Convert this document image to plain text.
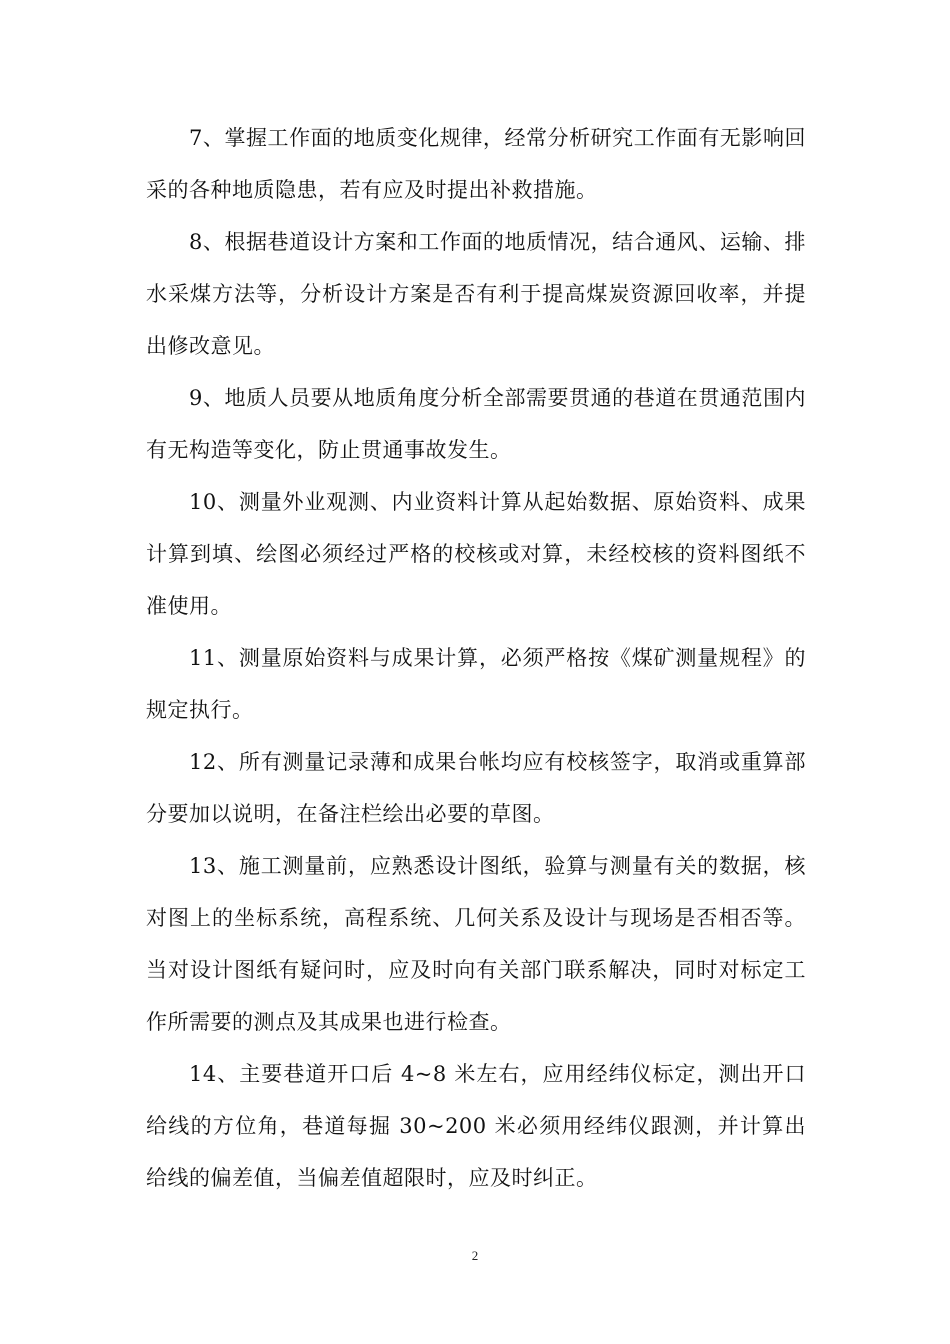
7、掌握工作面的地质变化规律，经常分析研究工作面有无影响回采的各种地质隐患，若有应及时提出补救措施。

8、根据巷道设计方案和工作面的地质情况，结合通风、运输、排水采煤方法等，分析设计方案是否有利于提高煤炭资源回收率，并提出修改意见。

9、地质人员要从地质角度分析全部需要贯通的巷道在贯通范围内有无构造等变化，防止贯通事故发生。

10、测量外业观测、内业资料计算从起始数据、原始资料、成果计算到填、绘图必须经过严格的校核或对算，未经校核的资料图纸不准使用。

11、测量原始资料与成果计算，必须严格按《煤矿测量规程》的规定执行。

12、所有测量记录薄和成果台帐均应有校核签字，取消或重算部分要加以说明，在备注栏绘出必要的草图。

13、施工测量前，应熟悉设计图纸，验算与测量有关的数据，核对图上的坐标系统，高程系统、几何关系及设计与现场是否相否等。当对设计图纸有疑问时，应及时向有关部门联系解决，同时对标定工作所需要的测点及其成果也进行检查。

14、主要巷道开口后 4~8 米左右，应用经纬仪标定，测出开口给线的方位角，巷道每掘 30~200 米必须用经纬仪跟测，并计算出给线的偏差值，当偏差值超限时，应及时纠正。

2
